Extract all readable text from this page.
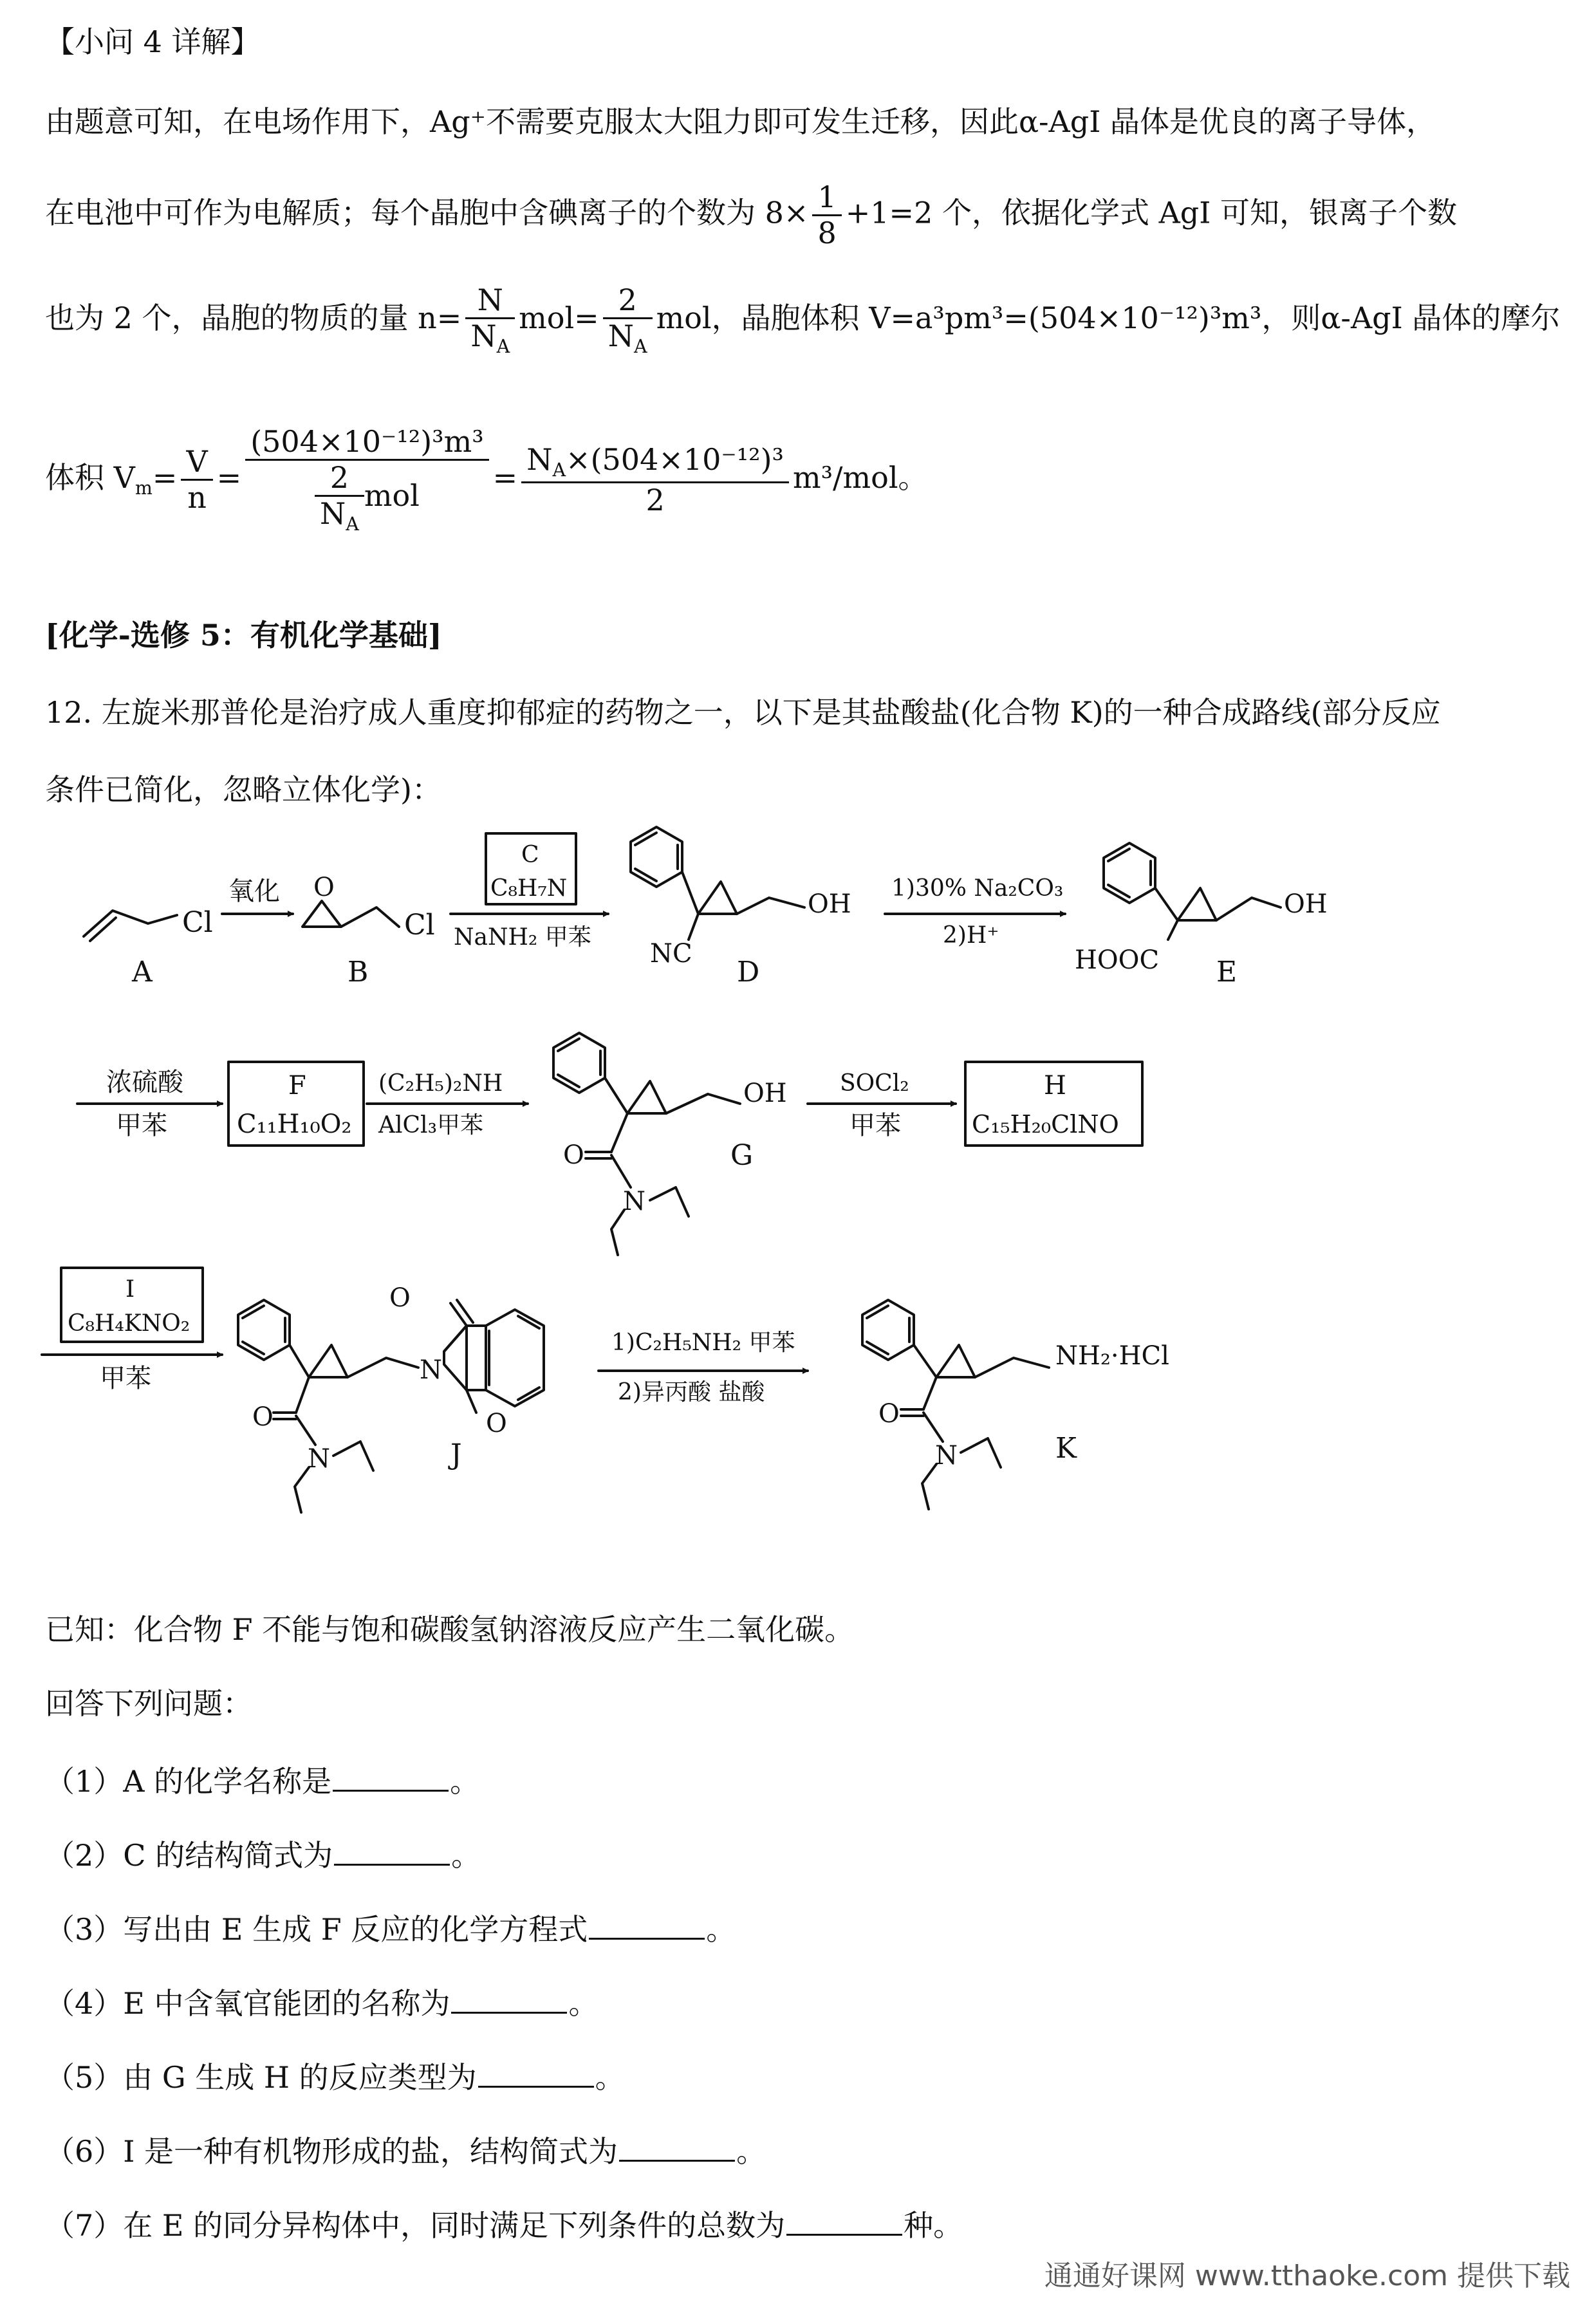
【小问 4 详解】
由题意可知，在电场作用下，Ag⁺不需要克服太大阻力即可发生迁移，因此α-AgI 晶体是优良的离子导体，
在电池中可作为电解质；每个晶胞中含碘离子的个数为 $8\times \frac{1}{8} +1=2$ 个，依据化学式 AgI 可知，银离子个数
也为 2 个，晶胞的物质的量 $n= \frac{N}{N_A} mol= \frac{2}{N_A}$ mol，晶胞体积 V=a³pm³=(504×10⁻¹²)³m³，则α-AgI 晶体的摩尔
体积 $V_m= \frac{V}{n} = \frac{\text{(504×10⁻¹²)³m³}}{\frac{2}{N_A} mol} = \frac{N_A\times(504\times 10^{-12})^3}{2} m^3/mol$。
[化学-选修 5：有机化学基础]
12. 左旋米那普伦是治疗成人重度抑郁症的药物之一，以下是其盐酸盐(化合物 K)的一种合成路线(部分反应
条件已简化，忽略立体化学)：
Cl
A
氧化 O
Cl
B
C
C₈H₇N
NaNH₂ 甲苯
OH
NC
D
1)30% Na₂CO₃
2)H⁺
OH
HOOC E
浓硫酸
甲苯
F
C₁₁H₁₀O₂
(C₂H₅)₂NH
AlCl₃甲苯
OH
O
N
G
SOCl₂
甲苯
H
C₁₅H₂₀ClNO
I
C₈H₄KNO₂
甲苯	N
O
N
O
O
J
1)C₂H₅NH₂ 甲苯
2)异丙酸 盐酸
NH₂·HCl
O
N	K
已知：化合物 F 不能与饱和碳酸氢钠溶液反应产生二氧化碳。
回答下列问题：
（1）A 的化学名称是	。
（2）C 的结构简式为	。
（3）写出由 E 生成 F 反应的化学方程式	。
（4）E 中含氧官能团的名称为	。
（5）由 G 生成 H 的反应类型为	。
（6）I 是一种有机物形成的盐，结构简式为	。
（7）在 E 的同分异构体中，同时满足下列条件的总数为	种。
通通好课网 www.tthaoke.com 提供下载
